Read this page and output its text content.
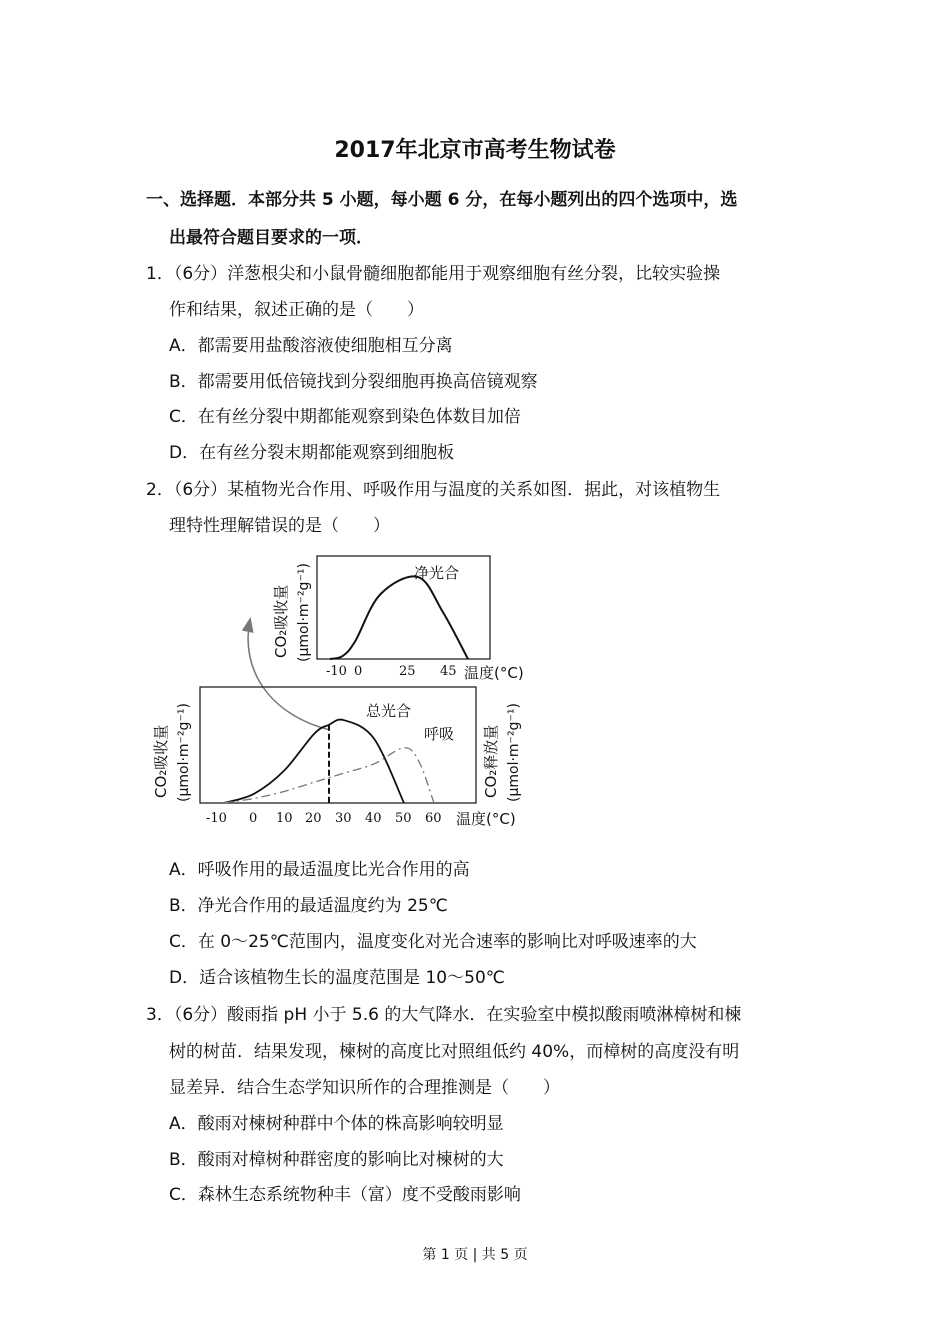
2017年北京市高考生物试卷
一、选择题．本部分共 5 小题，每小题 6 分，在每小题列出的四个选项中，选
出最符合题目要求的一项．
1．（6分）洋葱根尖和小鼠骨髓细胞都能用于观察细胞有丝分裂，比较实验操
作和结果，叙述正确的是（　　）
A．都需要用盐酸溶液使细胞相互分离
B．都需要用低倍镜找到分裂细胞再换高倍镜观察
C．在有丝分裂中期都能观察到染色体数目加倍
D．在有丝分裂末期都能观察到细胞板
2．（6分）某植物光合作用、呼吸作用与温度的关系如图．据此，对该植物生
理特性理解错误的是（　　）
净光合
-10 0	25 45 温度(°C)
CO₂吸收量 (μmol·m⁻²g⁻¹)
总光合
呼吸
-10 0 10 20 30 40 50 60 温度(°C)
CO₂吸收量 (μmol·m⁻²g⁻¹)	CO₂释放量 (μmol·m⁻²g⁻¹)
A．呼吸作用的最适温度比光合作用的高
B．净光合作用的最适温度约为 25℃
C．在 0～25℃范围内，温度变化对光合速率的影响比对呼吸速率的大
D．适合该植物生长的温度范围是 10～50℃
3．（6分）酸雨指 pH 小于 5.6 的大气降水．在实验室中模拟酸雨喷淋樟树和楝
树的树苗．结果发现，楝树的高度比对照组低约 40%，而樟树的高度没有明
显差异．结合生态学知识所作的合理推测是（　　）
A．酸雨对楝树种群中个体的株高影响较明显
B．酸雨对樟树种群密度的影响比对楝树的大
C．森林生态系统物种丰（富）度不受酸雨影响
第 1 页 | 共 5 页
